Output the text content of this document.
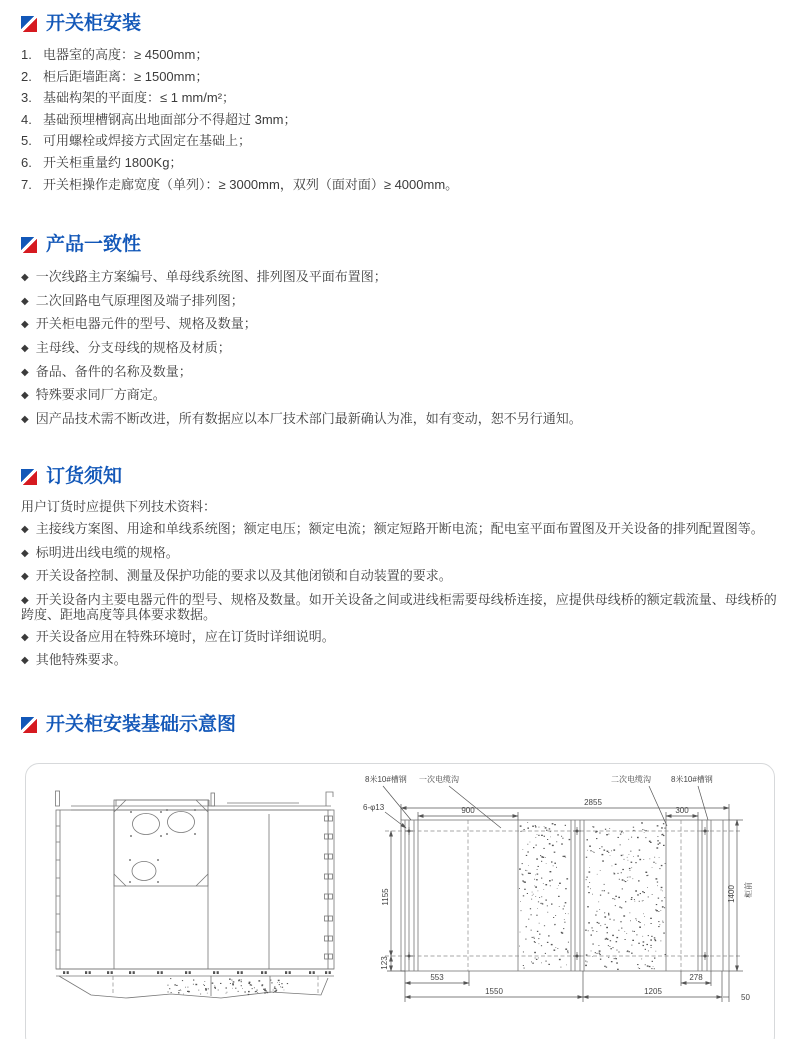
开关柜安装
1. 电器室的高度：≥ 4500mm；
2. 柜后距墙距离：≥ 1500mm；
3. 基础构架的平面度：≤ 1 mm/m²；
4. 基础预埋槽钢高出地面部分不得超过 3mm；
5. 可用螺栓或焊接方式固定在基础上；
6. 开关柜重量约 1800Kg；
7. 开关柜操作走廊宽度（单列）：≥ 3000mm，双列（面对面）≥ 4000mm。
产品一致性
◆ 一次线路主方案编号、单母线系统图、排列图及平面布置图；
◆ 二次回路电气原理图及端子排列图；
◆ 开关柜电器元件的型号、规格及数量；
◆ 主母线、分支母线的规格及材质；
◆ 备品、备件的名称及数量；
◆ 特殊要求同厂方商定。
◆ 因产品技术需不断改进，所有数据应以本厂技术部门最新确认为准，如有变动，恕不另行通知。
订货须知
用户订货时应提供下列技术资料：
◆ 主接线方案图、用途和单线系统图；额定电压；额定电流；额定短路开断电流；配电室平面布置图及开关设备的排列配置图等。
◆ 标明进出线电缆的规格。
◆ 开关设备控制、测量及保护功能的要求以及其他闭锁和自动装置的要求。
◆ 开关设备内主要电器元件的型号、规格及数量。如开关设备之间或进线柜需要母线桥连接，应提供母线桥的额定载流量、母线桥的跨度、距地高度等具体要求数据。
◆ 开关设备应用在特殊环境时，应在订货时详细说明。
◆ 其他特殊要求。
开关柜安装基础示意图
8米10#槽钢 一次电缆沟	二次电缆沟	8米10#槽钢
6-φ13
2855
900	300
1155
123
1400 柜前
553	278
1550	1205
50
